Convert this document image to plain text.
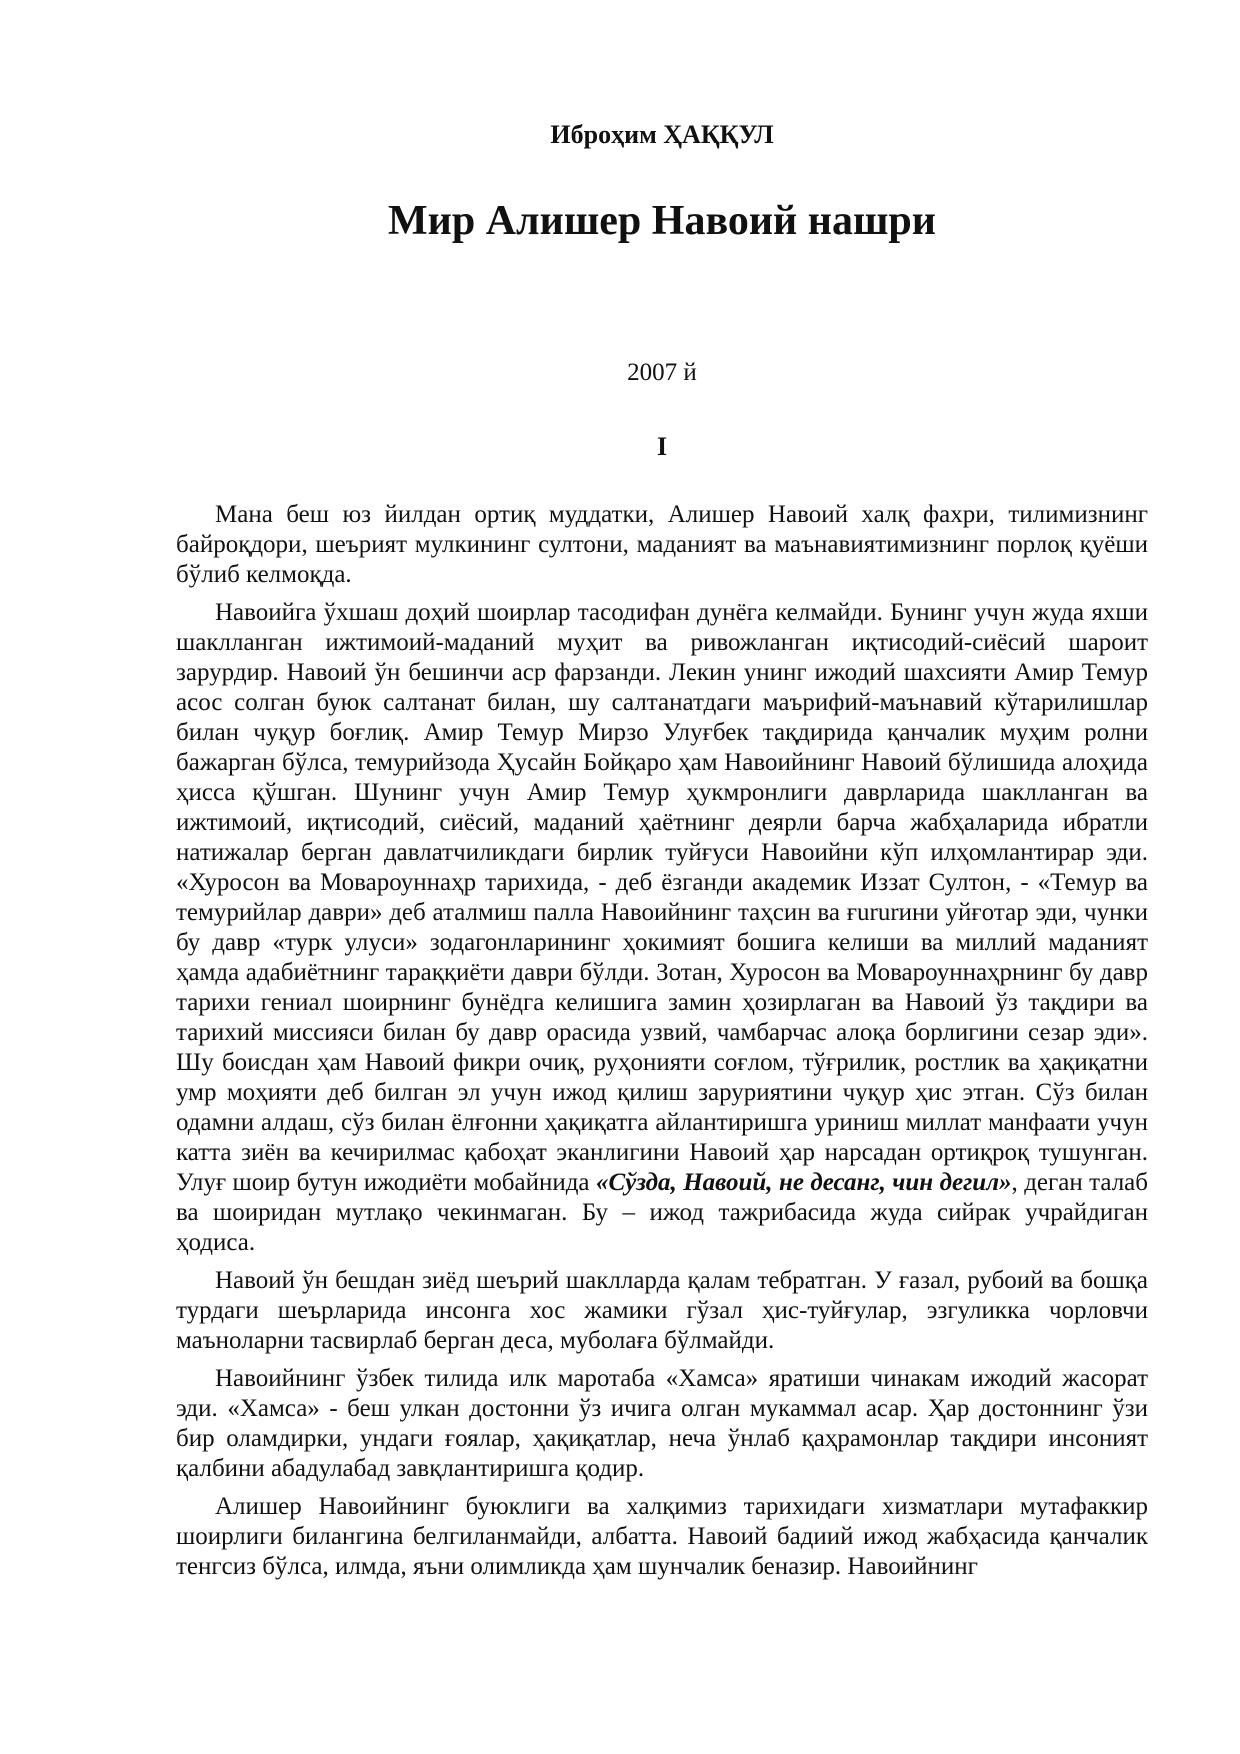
Иброҳим ҲАҚҚУЛ
Мир Алишер Навоий нашри
2007 й
I

Мана беш юз йилдан ортиқ муддатки, Алишер Навоий халқ фахри, тилимизнинг байроқдори, шеърият мулкининг султони, маданият ва маънавиятимизнинг порлоқ қуёши бўлиб келмоқда.

Навоийга ўхшаш доҳий шоирлар тасодифан дунёга келмайди. Бунинг учун жуда яхши шаклланган ижтимоий-маданий муҳит ва ривожланган иқтисодий-сиёсий шароит зарурдир. Навоий ўн бешинчи аср фарзанди. Лекин унинг ижодий шахсияти Амир Темур асос солган буюк салтанат билан, шу салтанатдаги маърифий-маънавий кўтарилишлар билан чуқур боғлиқ. Амир Темур Мирзо Улуғбек тақдирида қанчалик муҳим ролни бажарган бўлса, темурийзода Ҳусайн Бойқаро ҳам Навоийнинг Навоий бўлишида алоҳида ҳисса қўшган. Шунинг учун Амир Темур ҳукмронлиги даврларида шаклланган ва ижтимоий, иқтисодий, сиёсий, маданий ҳаётнинг деярли барча жабҳаларида ибратли натижалар берган давлатчиликдаги бирлик туйғуси Навоийни кўп илҳомлантирар эди. «Хуросон ва Мовароуннаҳр тарихида, - деб ёзганди академик Иззат Султон, - «Темур ва темурийлар даври» деб аталмиш палла Навоийнинг таҳсин ва ғururини уйғотар эди, чунки бу давр «турк улуси» зодагонларининг ҳокимият бошига келиши ва миллий маданият ҳамда адабиётнинг тараққиёти даври бўлди. Зотан, Хуросон ва Мовароуннаҳрнинг бу давр тарихи гениал шоирнинг бунёдга келишига замин ҳозирлаган ва Навоий ўз тақдири ва тарихий миссияси билан бу давр орасида узвий, чамбарчас алоқа борлигини сезар эди». Шу боисдан ҳам Навоий фикри очиқ, руҳонияти соғлом, тўғрилик, ростлик ва ҳақиқатни умр моҳияти деб билган эл учун ижод қилиш заруриятини чуқур ҳис этган. Сўз билан одамни алдаш, сўз билан ёлғонни ҳақиқатга айлантиришга уриниш миллат манфаати учун катта зиён ва кечирилмас қабоҳат эканлигини Навоий ҳар нарсадан ортиқроқ тушунган. Улуғ шоир бутун ижодиёти мобайнида «Сўзда, Навоий, не десанг, чин дегил», деган талаб ва шоиридан мутлақо чекинмаган. Бу – ижод тажрибасида жуда сийрак учрайдиган ҳодиса.

Навоий ўн бешдан зиёд шеърий шаклларда қалам тебратган. У ғазал, рубоий ва бошқа турдаги шеърларида инсонга хос жамики гўзал ҳис-туйғулар, эзгуликка чорловчи маъноларни тасвирлаб берган деса, муболаға бўлмайди.

Навоийнинг ўзбек тилида илк маротаба «Хамса» яратиши чинакам ижодий жасорат эди. «Хамса» - беш улкан достонни ўз ичига олган мукаммал асар. Ҳар достоннинг ўзи бир оламдирки, ундаги ғоялар, ҳақиқатлар, неча ўнлаб қаҳрамонлар тақдири инсоният қалбини абадулабад завқлантиришга қодир.

Алишер Навоийнинг буюклиги ва халқимиз тарихидаги хизматлари мутафаккир шоирлиги билангина белгиланмайди, албатта. Навоий бадиий ижод жабҳасида қанчалик тенгсиз бўлса, илмда, яъни олимликда ҳам шунчалик беназир. Навоийнинг
